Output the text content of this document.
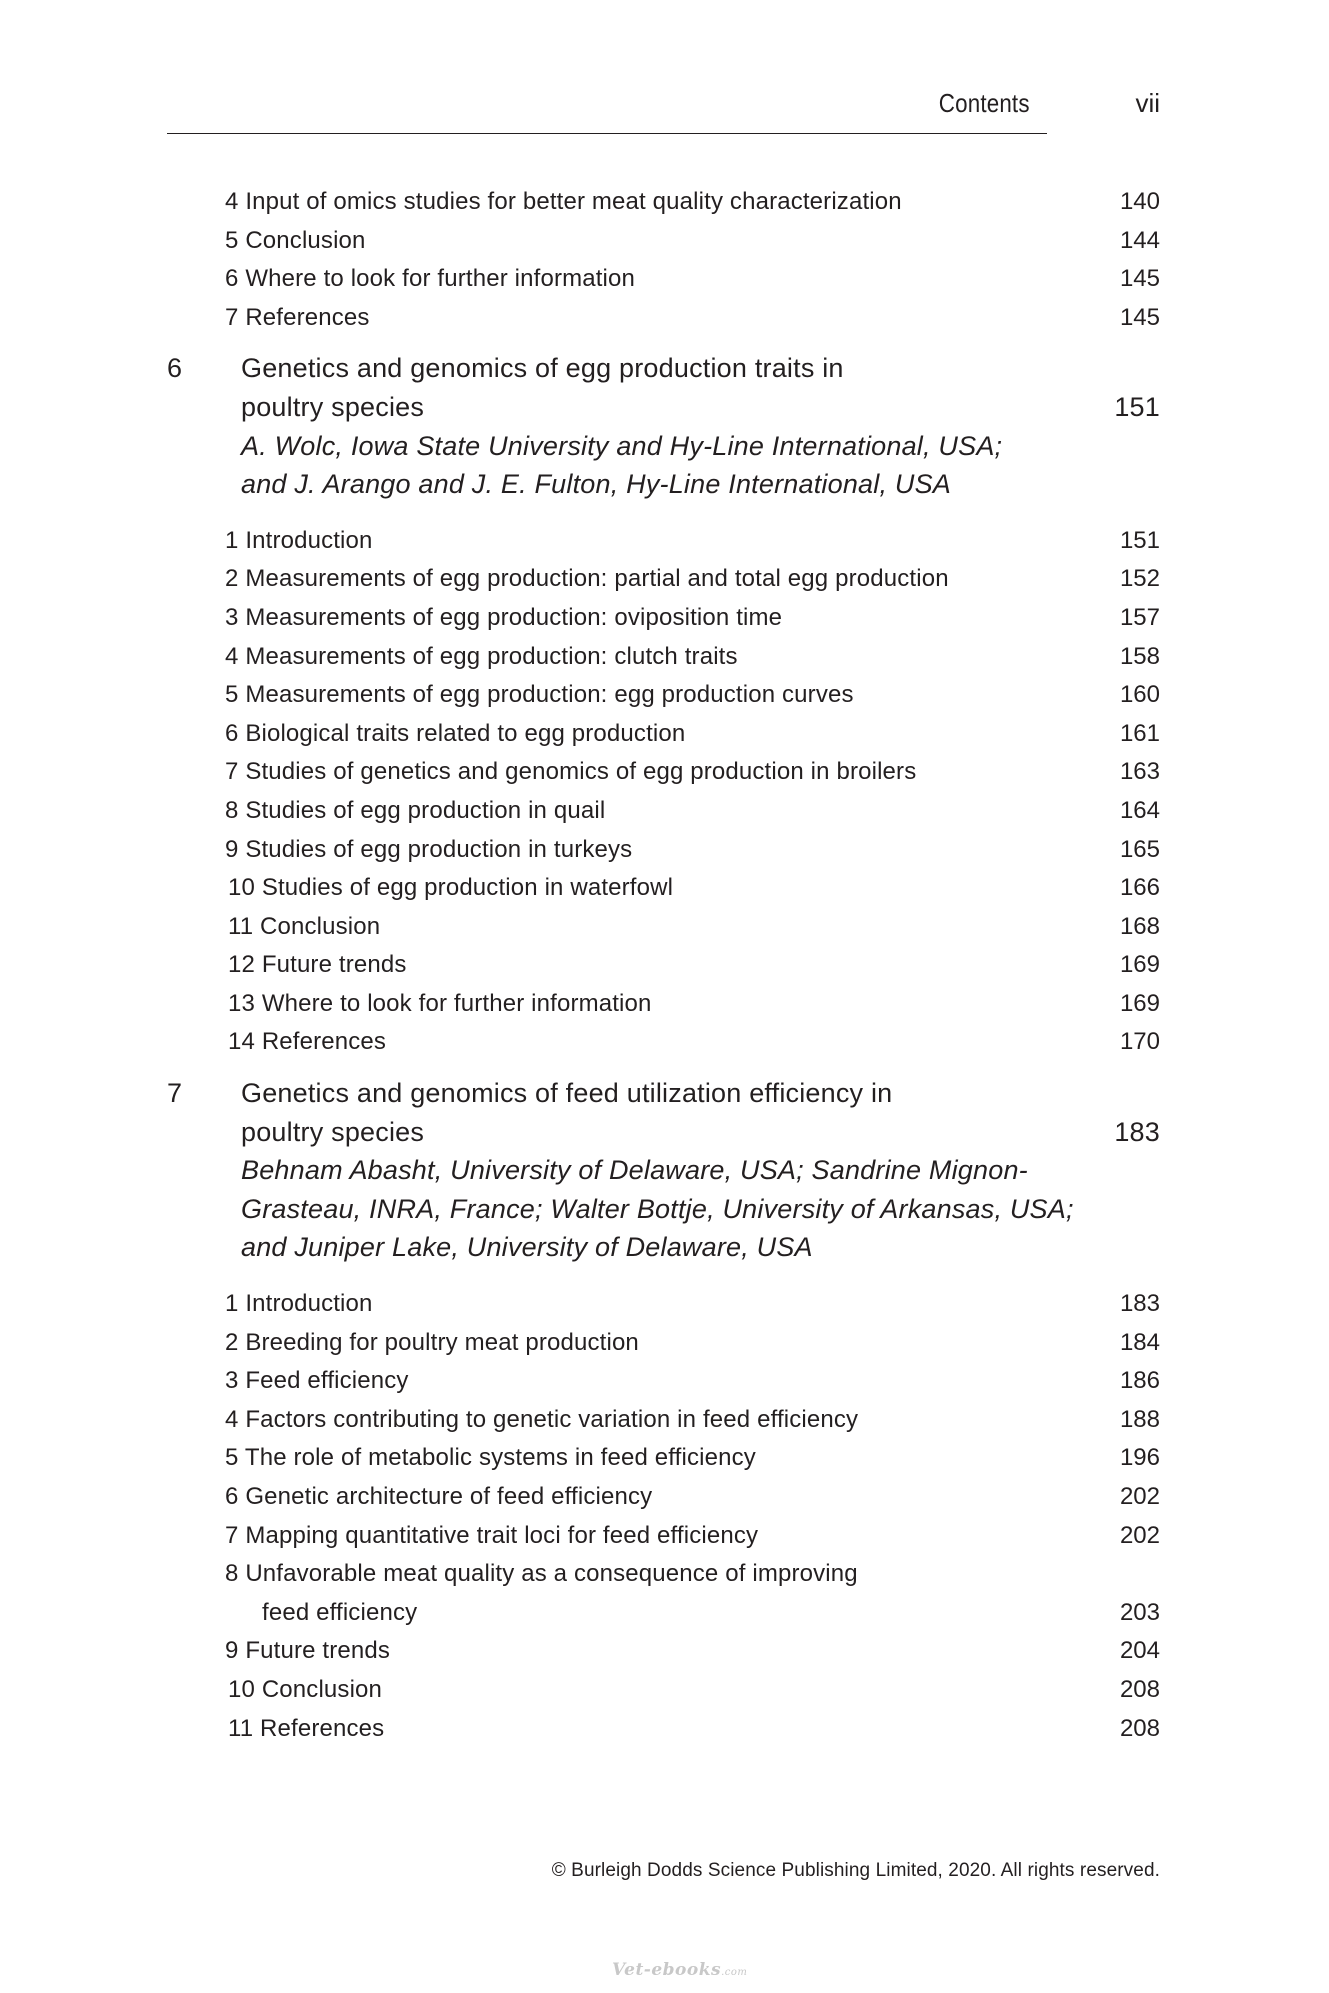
Contents	vii
4 Input of omics studies for better meat quality characterization	140
5 Conclusion	144
6 Where to look for further information	145
7 References	145
6	Genetics and genomics of egg production traits in
poultry species	151
A. Wolc, Iowa State University and Hy-Line International, USA;
and J. Arango and J. E. Fulton, Hy-Line International, USA
1 Introduction	151
2 Measurements of egg production: partial and total egg production	152
3 Measurements of egg production: oviposition time	157
4 Measurements of egg production: clutch traits	158
5 Measurements of egg production: egg production curves	160
6 Biological traits related to egg production	161
7 Studies of genetics and genomics of egg production in broilers	163
8 Studies of egg production in quail	164
9 Studies of egg production in turkeys	165
10 Studies of egg production in waterfowl	166
11 Conclusion	168
12 Future trends	169
13 Where to look for further information	169
14 References	170
7	Genetics and genomics of feed utilization efficiency in
poultry species	183
Behnam Abasht, University of Delaware, USA; Sandrine Mignon-
Grasteau, INRA, France; Walter Bottje, University of Arkansas, USA;
and Juniper Lake, University of Delaware, USA
1 Introduction	183
2 Breeding for poultry meat production	184
3 Feed efficiency	186
4 Factors contributing to genetic variation in feed efficiency	188
5 The role of metabolic systems in feed efficiency	196
6 Genetic architecture of feed efficiency	202
7 Mapping quantitative trait loci for feed efficiency	202
8 Unfavorable meat quality as a consequence of improving
feed efficiency	203
9 Future trends	204
10 Conclusion	208
11 References	208
© Burleigh Dodds Science Publishing Limited, 2020. All rights reserved.
Vet-ebooks.com
